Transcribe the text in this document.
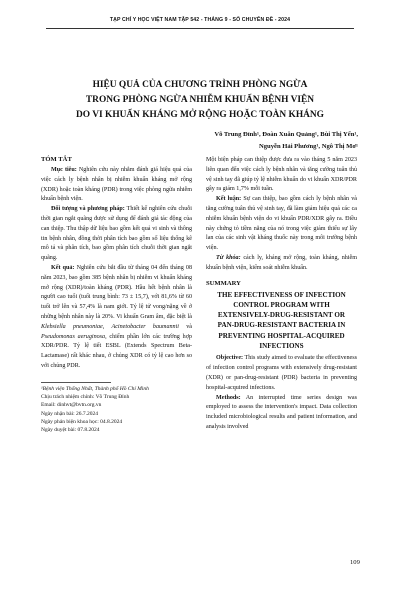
TẠP CHÍ Y HỌC VIỆT NAM TẬP 542 - THÁNG 9 - SỐ CHUYÊN ĐỀ - 2024
HIỆU QUẢ CỦA CHƯƠNG TRÌNH PHÒNG NGỪA
TRONG PHÒNG NGỪA NHIỄM KHUẨN BỆNH VIỆN
DO VI KHUẨN KHÁNG MỞ RỘNG HOẶC TOÀN KHÁNG
Võ Trung Đỉnh¹, Đoàn Xuân Quảng¹, Bùi Thị Yến¹,
Nguyễn Hải Phương¹, Ngô Thị Mơ¹

TÓM TẮT

Mục tiêu: Nghiên cứu này nhằm đánh giá hiệu quả của việc cách ly bệnh nhân bị nhiễm khuẩn kháng mở rộng (XDR) hoặc toàn kháng (PDR) trong việc phòng ngừa nhiễm khuẩn bệnh viện.

Đối tượng và phương pháp: Thiết kế nghiên cứu chuỗi thời gian ngắt quãng được sử dụng để đánh giá tác động của can thiệp. Thu thập dữ liệu bao gồm kết quả vi sinh và thông tin bệnh nhân, đồng thời phân tích bao gồm số liệu thống kê mô tả và phân tích, bao gồm phân tích chuỗi thời gian ngắt quãng.

Kết quả: Nghiên cứu bắt đầu từ tháng 04 đến tháng 08 năm 2023, bao gồm 385 bệnh nhân bị nhiễm vi khuẩn kháng mở rộng (XDR)/toàn kháng (PDR). Hầu hết bệnh nhân là người cao tuổi (tuổi trung bình: 73 ± 15,7), với 81,6% từ 60 tuổi trở lên và 57,4% là nam giới. Tỷ lệ tử vong/nặng về ở những bệnh nhân này là 20%. Vi khuẩn Gram âm, đặc biệt là Klebsiella pneumoniae, Acinetobacter baumannii và Pseudomonas aeruginosa, chiếm phần lớn các trường hợp XDR/PDR. Tỷ lệ tiết ESBL (Extends Spectrum Beta-Lactamase) rất khác nhau, ở chủng XDR có tỷ lệ cao hơn so với chủng PDR.

¹Bệnh viện Thống Nhất, Thành phố Hồ Chí Minh
Chịu trách nhiệm chính: Võ Trung Đỉnh
Email: dinhvt@bvtn.org.vn
Ngày nhận bài: 26.7.2024
Ngày phản biện khoa học: 04.8.2024
Ngày duyệt bài: 07.8.2024

Một biện pháp can thiệp được đưa ra vào tháng 5 năm 2023 liên quan đến việc cách ly bệnh nhân và tăng cường tuân thủ vệ sinh tay đã giúp tỷ lệ nhiễm khuẩn do vi khuẩn XDR/PDR gây ra giảm 1,7% mỗi tuần.

Kết luận: Sự can thiệp, bao gồm cách ly bệnh nhân và tăng cường tuân thủ vệ sinh tay, đã làm giảm hiệu quả các ca nhiễm khuẩn bệnh viện do vi khuẩn PDR/XDR gây ra. Điều này chứng tỏ tiềm năng của nó trong việc giảm thiểu sự lây lan của các sinh vật kháng thuốc này trong môi trường bệnh viện.

Từ khóa: cách ly, kháng mở rộng, toàn kháng, nhiễm khuẩn bệnh viện, kiểm soát nhiễm khuẩn.

SUMMARY

THE EFFECTIVENESS OF INFECTION
CONTROL PROGRAM WITH
EXTENSIVELY-DRUG-RESISTANT OR
PAN-DRUG-RESISTANT BACTERIA IN
PREVENTING HOSPITAL-ACQUIRED
INFECTIONS

Objective: This study aimed to evaluate the effectiveness of infection control programs with extensively drug-resistant (XDR) or pan-drug-resistant (PDR) bacteria in preventing hospital-acquired infections.

Methods: An interrupted time series design was employed to assess the intervention's impact. Data collection included microbiological results and patient information, and analysis involved

109
